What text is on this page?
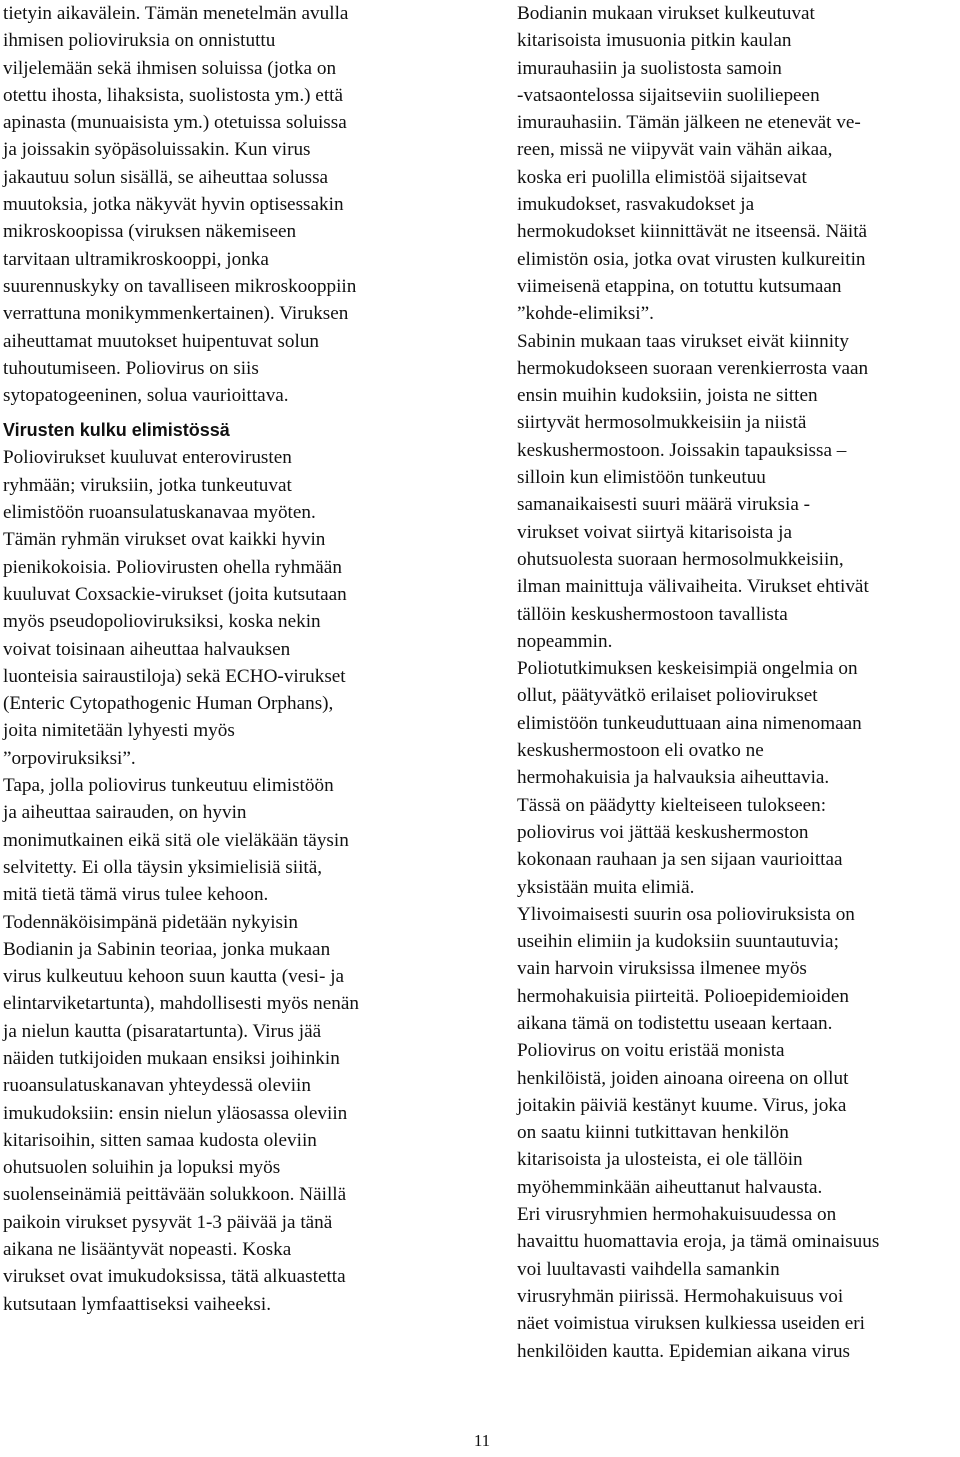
tietyin aikavälein. Tämän menetelmän avulla
ihmisen polioviruksia on onnistuttu
viljelemään sekä ihmisen soluissa (jotka on
otettu ihosta, lihaksista, suolistosta ym.) että
apinasta (munuaisista ym.) otetuissa soluissa
ja joissakin syöpäsoluissakin. Kun virus
jakautuu solun sisällä, se aiheuttaa solussa
muutoksia, jotka näkyvät hyvin optisessakin
mikroskoopissa (viruksen näkemiseen
tarvitaan ultramikroskooppi, jonka
suurennuskyky on tavalliseen mikroskooppiin
verrattuna monikymmenkertainen). Viruksen
aiheuttamat muutokset huipentuvat solun
tuhoutumiseen. Poliovirus on siis
sytopatogeeninen, solua vaurioittava.
Virusten kulku elimistössä
Poliovirukset kuuluvat enterovirusten
ryhmään; viruksiin, jotka tunkeutuvat
elimistöön ruoansulatuskanavaa myöten.
Tämän ryhmän virukset ovat kaikki hyvin
pienikokoisia. Poliovirusten ohella ryhmään
kuuluvat Coxsackie-virukset (joita kutsutaan
myös pseudopolioviruksiksi, koska nekin
voivat toisinaan aiheuttaa halvauksen
luonteisia sairaustiloja) sekä ECHO-virukset
(Enteric Cytopathogenic Human Orphans),
joita nimitetään lyhyesti myös
”orpoviruksiksi”.
Tapa, jolla poliovirus tunkeutuu elimistöön
ja aiheuttaa sairauden, on hyvin
monimutkainen eikä sitä ole vieläkään täysin
selvitetty. Ei olla täysin yksimielisiä siitä,
mitä tietä tämä virus tulee kehoon.
Todennäköisimpänä pidetään nykyisin
Bodianin ja Sabinin teoriaa, jonka mukaan
virus kulkeutuu kehoon suun kautta (vesi- ja
elintarviketartunta), mahdollisesti myös nenän
ja nielun kautta (pisaratartunta). Virus jää
näiden tutkijoiden mukaan ensiksi joihinkin
ruoansulatuskanavan yhteydessä oleviin
imukudoksiin: ensin nielun yläosassa oleviin
kitarisoihin, sitten samaa kudosta oleviin
ohutsuolen soluihin ja lopuksi myös
suolenseinämiä peittävään solukkoon. Näillä
paikoin virukset pysyvät 1-3 päivää ja tänä
aikana ne lisääntyvät nopeasti. Koska
virukset ovat imukudoksissa, tätä alkuastetta
kutsutaan lymfaattiseksi vaiheeksi.
Bodianin mukaan virukset kulkeutuvat
kitarisoista imusuonia pitkin kaulan
imurauhasiin ja suolistosta samoin
-vatsaontelossa sijaitseviin suoliliepeen
imurauhasiin. Tämän jälkeen ne etenevät ve-
reen, missä ne viipyvät vain vähän aikaa,
koska eri puolilla elimistöä sijaitsevat
imukudokset, rasvakudokset ja
hermokudokset kiinnittävät ne itseensä. Näitä
elimistön osia, jotka ovat virusten kulkureitin
viimeisenä etappina, on totuttu kutsumaan
”kohde-elimiksi”.
Sabinin mukaan taas virukset eivät kiinnity
hermokudokseen suoraan verenkierrosta vaan
ensin muihin kudoksiin, joista ne sitten
siirtyvät hermosolmukkeisiin ja niistä
keskushermostoon. Joissakin tapauksissa –
silloin kun elimistöön tunkeutuu
samanaikaisesti suuri määrä viruksia -
virukset voivat siirtyä kitarisoista ja
ohutsuolesta suoraan hermosolmukkeisiin,
ilman mainittuja välivaiheita. Virukset ehtivät
tällöin keskushermostoon tavallista
nopeammin.
Poliotutkimuksen keskeisimpiä ongelmia on
ollut, päätyvätkö erilaiset poliovirukset
elimistöön tunkeuduttuaan aina nimenomaan
keskushermostoon eli ovatko ne
hermohakuisia ja halvauksia aiheuttavia.
Tässä on päädytty kielteiseen tulokseen:
poliovirus voi jättää keskushermoston
kokonaan rauhaan ja sen sijaan vaurioittaa
yksistään muita elimiä.
Ylivoimaisesti suurin osa polioviruksista on
useihin elimiin ja kudoksiin suuntautuvia;
vain harvoin viruksissa ilmenee myös
hermohakuisia piirteitä. Polioepidemioiden
aikana tämä on todistettu useaan kertaan.
Poliovirus on voitu eristää monista
henkilöistä, joiden ainoana oireena on ollut
joitakin päiviä kestänyt kuume. Virus, joka
on saatu kiinni tutkittavan henkilön
kitarisoista ja ulosteista, ei ole tällöin
myöhemminkään aiheuttanut halvausta.
Eri virusryhmien hermohakuisuudessa on
havaittu huomattavia eroja, ja tämä ominaisuus
voi luultavasti vaihdella samankin
virusryhmän piirissä. Hermohakuisuus voi
näet voimistua viruksen kulkiessa useiden eri
henkilöiden kautta. Epidemian aikana virus
11
